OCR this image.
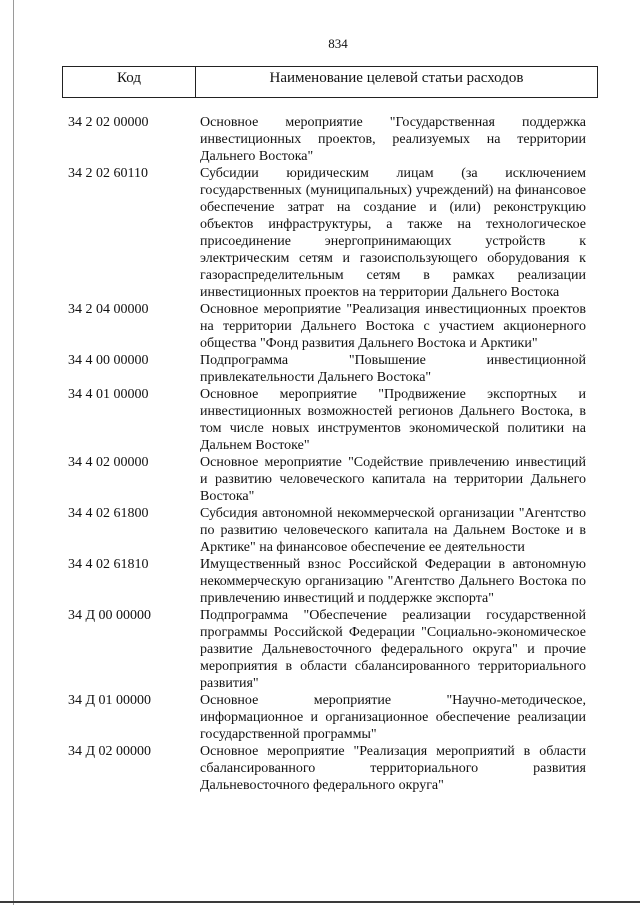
834
Код	Наименование целевой статьи расходов
34 2 02 00000	Основное мероприятие "Государственная поддержка инвестиционных проектов, реализуемых на территории Дальнего Востока"
34 2 02 60110	Субсидии юридическим лицам (за исключением государственных (муниципальных) учреждений) на финансовое обеспечение затрат на создание и (или) реконструкцию объектов инфраструктуры, а также на технологическое присоединение энергопринимающих устройств к электрическим сетям и газоиспользующего оборудования к газораспределительным сетям в рамках реализации инвестиционных проектов на территории Дальнего Востока
34 2 04 00000	Основное мероприятие "Реализация инвестиционных проектов на территории Дальнего Востока с участием акционерного общества "Фонд развития Дальнего Востока и Арктики"
34 4 00 00000	Подпрограмма "Повышение инвестиционной привлекательности Дальнего Востока"
34 4 01 00000	Основное мероприятие "Продвижение экспортных и инвестиционных возможностей регионов Дальнего Востока, в том числе новых инструментов экономической политики на Дальнем Востоке"
34 4 02 00000	Основное мероприятие "Содействие привлечению инвестиций и развитию человеческого капитала на территории Дальнего Востока"
34 4 02 61800	Субсидия автономной некоммерческой организации "Агентство по развитию человеческого капитала на Дальнем Востоке и в Арктике" на финансовое обеспечение ее деятельности
34 4 02 61810	Имущественный взнос Российской Федерации в автономную некоммерческую организацию "Агентство Дальнего Востока по привлечению инвестиций и поддержке экспорта"
34 Д 00 00000	Подпрограмма "Обеспечение реализации государственной программы Российской Федерации "Социально-экономическое развитие Дальневосточного федерального округа" и прочие мероприятия в области сбалансированного территориального развития"
34 Д 01 00000	Основное мероприятие "Научно-методическое, информационное и организационное обеспечение реализации государственной программы"
34 Д 02 00000	Основное мероприятие "Реализация мероприятий в области сбалансированного территориального развития Дальневосточного федерального округа"
